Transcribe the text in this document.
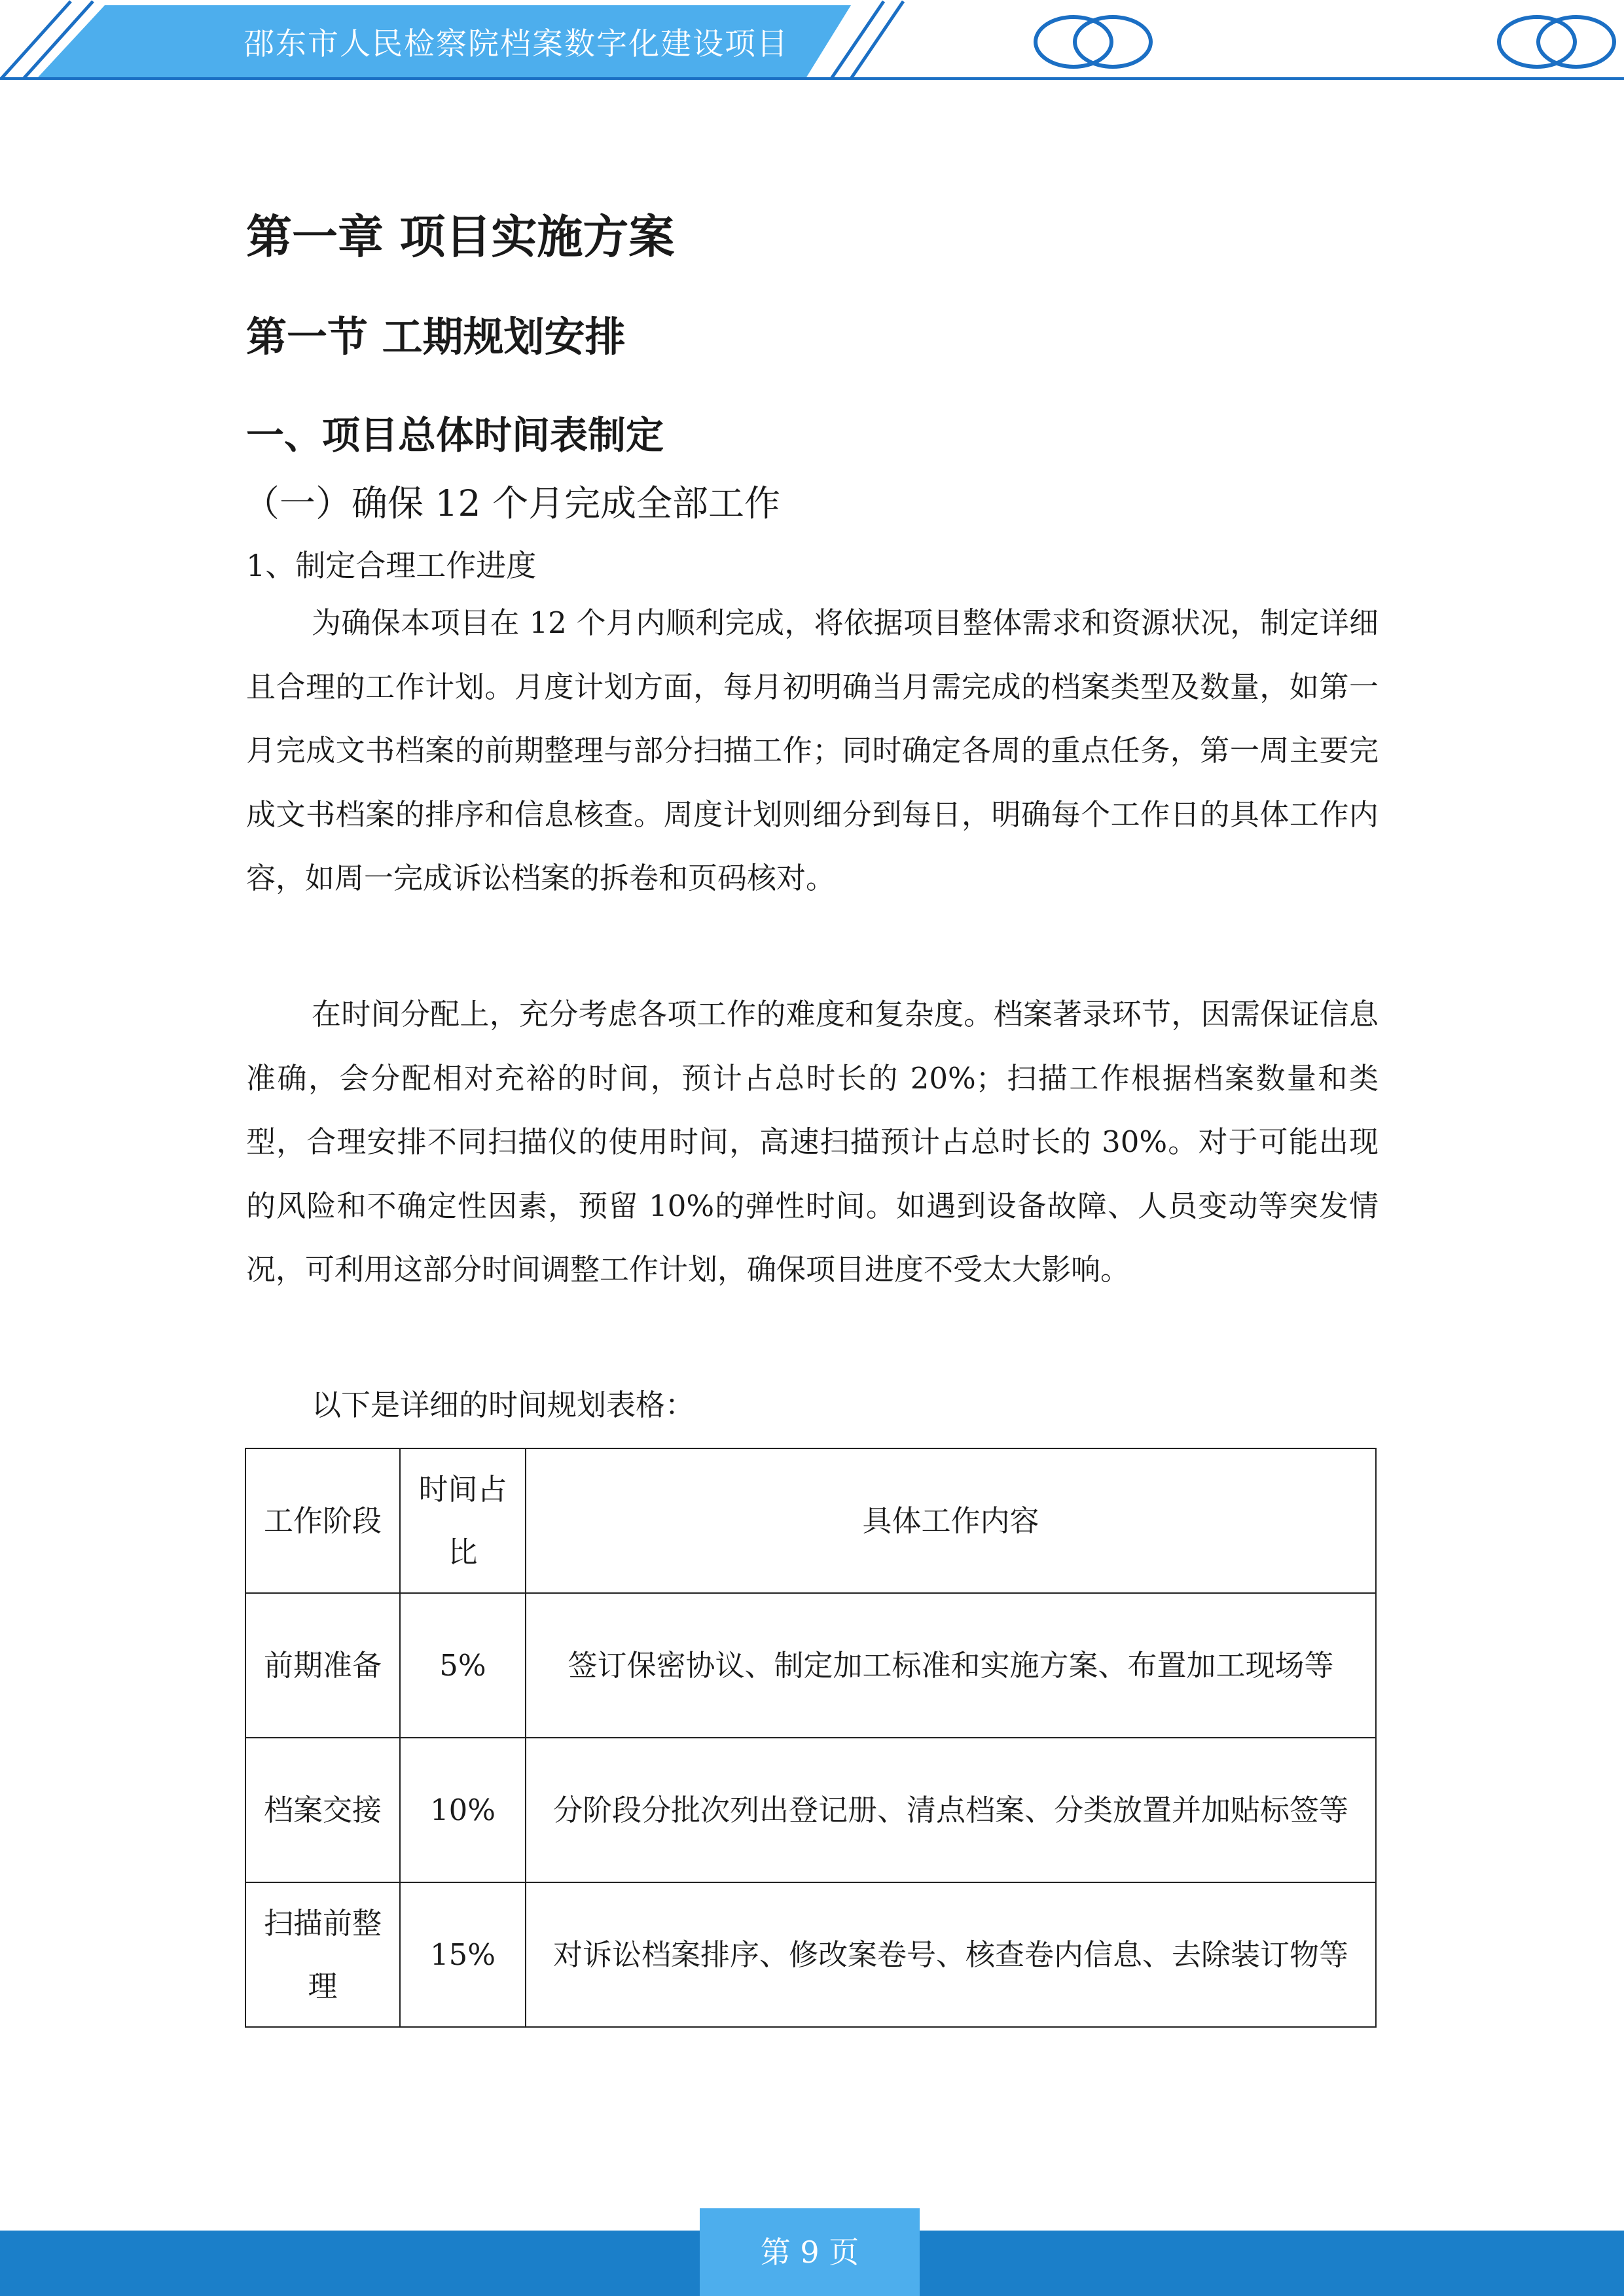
邵东市人民检察院档案数字化建设项目
第一章 项目实施方案
第一节 工期规划安排
一、项目总体时间表制定
（一）确保 12 个月完成全部工作
1、制定合理工作进度

为确保本项目在 12 个月内顺利完成，将依据项目整体需求和资源状况，制定详细且合理的工作计划。月度计划方面，每月初明确当月需完成的档案类型及数量，如第一月完成文书档案的前期整理与部分扫描工作；同时确定各周的重点任务，第一周主要完成文书档案的排序和信息核查。周度计划则细分到每日，明确每个工作日的具体工作内容，如周一完成诉讼档案的拆卷和页码核对。

在时间分配上，充分考虑各项工作的难度和复杂度。档案著录环节，因需保证信息准确，会分配相对充裕的时间，预计占总时长的 20%；扫描工作根据档案数量和类型，合理安排不同扫描仪的使用时间，高速扫描预计占总时长的 30%。对于可能出现的风险和不确定性因素，预留 10%的弹性时间。如遇到设备故障、人员变动等突发情况，可利用这部分时间调整工作计划，确保项目进度不受太大影响。

以下是详细的时间规划表格：

工作阶段	时间占比	具体工作内容
前期准备	5%	签订保密协议、制定加工标准和实施方案、布置加工现场等
档案交接	10%	分阶段分批次列出登记册、清点档案、分类放置并加贴标签等
扫描前整理	15%	对诉讼档案排序、修改案卷号、核查卷内信息、去除装订物等
第 9 页
